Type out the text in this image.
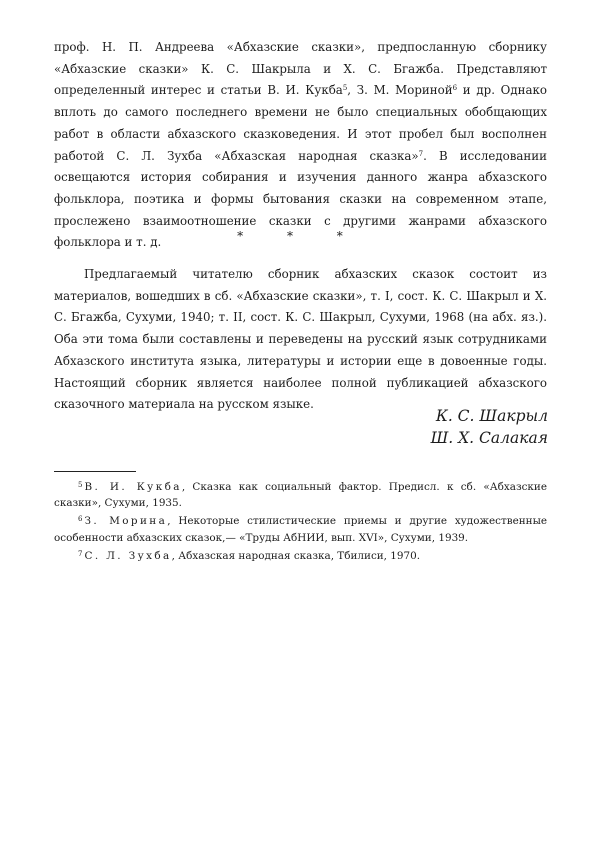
проф. Н. П. Андреева «Абхазские сказки», предпосланную сборнику «Абхазские сказки» К. С. Шакрыла и Х. С. Бгажба. Представляют определенный интерес и статьи В. И. Кукба$^5$, З. М. Мориной$^6$ и др. Однако вплоть до самого последнего времени не было специальных обобщающих работ в области абхазского сказковедения. И этот пробел был восполнен работой С. Л. Зухба «Абхазская народная сказка»$^7$. В исследовании освещаются история собирания и изучения данного жанра абхазского фольклора, поэтика и формы бытования сказки на современном этапе, прослежено взаимоотношение сказки с другими жанрами абхазского фольклора и т. д.	* * *

Предлагаемый читателю сборник абхазских сказок состоит из материалов, вошедших в сб. «Абхазские сказки», т. I, сост. К. С. Шакрыл и Х. С. Бгажба, Сухуми, 1940; т. II, сост. К. С. Шакрыл, Сухуми, 1968 (на абх. яз.). Оба эти тома были составлены и переведены на русский язык сотрудниками Абхазского института языка, литературы и истории еще в довоенные годы. Настоящий сборник является наиболее полной публикацией абхазского сказочного материала на русском языке.

К. С. Шакрыл
Ш. Х. Салакая

$^5$ В. И. Кукба, Сказка как социальный фактор. Предисл. к сб. «Абхазские сказки», Сухуми, 1935.

$^6$ З. Морина, Некоторые стилистические приемы и другие художественные особенности абхазских сказок,— «Труды АбНИИ, вып. XVI», Сухуми, 1939.

$^7$ С. Л. Зухба, Абхазская народная сказка, Тбилиси, 1970.
